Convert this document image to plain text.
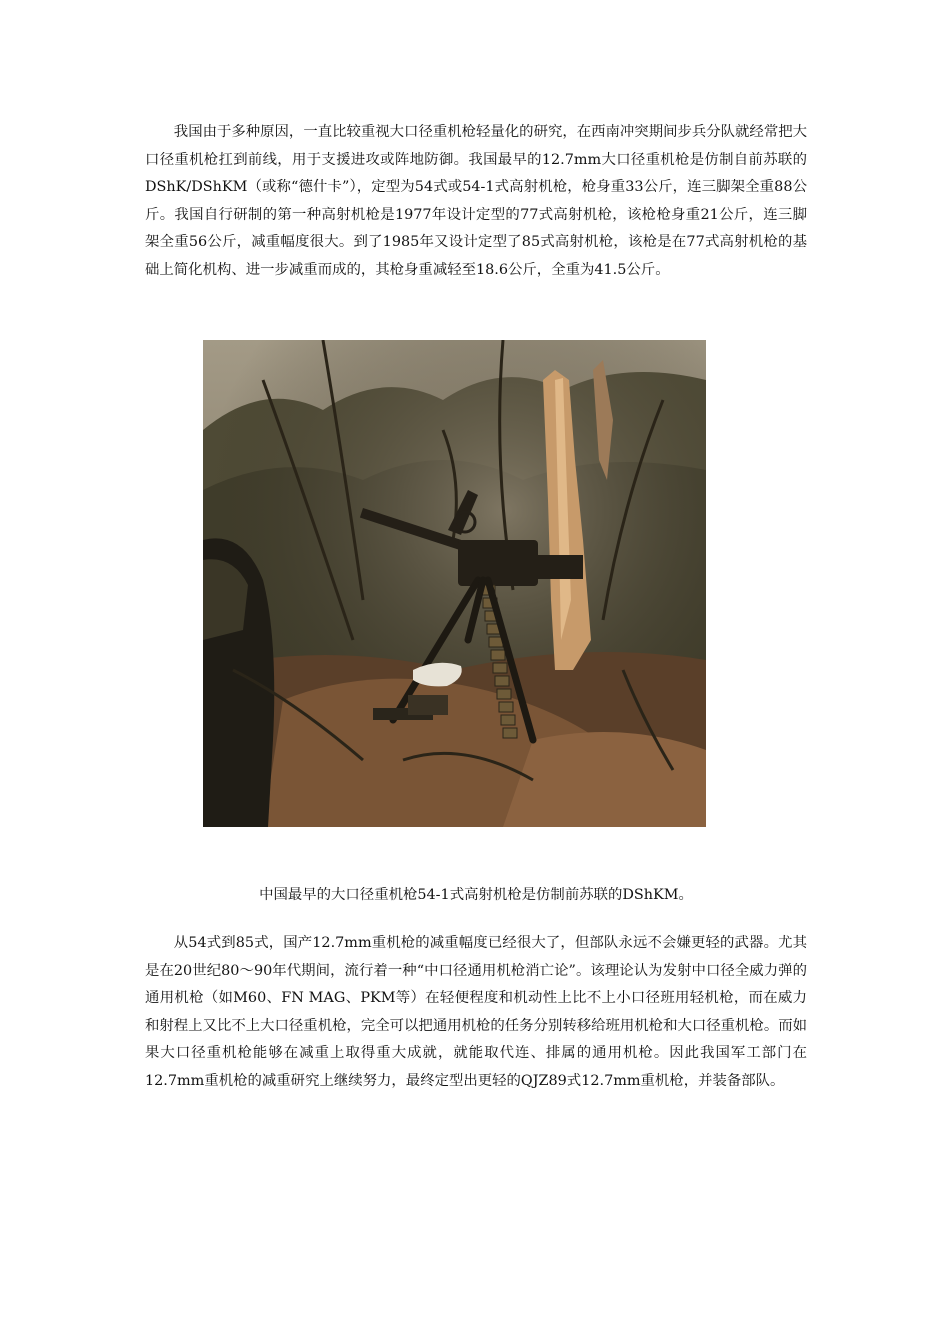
我国由于多种原因，一直比较重视大口径重机枪轻量化的研究，在西南冲突期间步兵分队就经常把大口径重机枪扛到前线，用于支援进攻或阵地防御。我国最早的12.7mm大口径重机枪是仿制自前苏联的DShK/DShKM（或称“德什卡”），定型为54式或54-1式高射机枪，枪身重33公斤，连三脚架全重88公斤。我国自行研制的第一种高射机枪是1977年设计定型的77式高射机枪，该枪枪身重21公斤，连三脚架全重56公斤，减重幅度很大。到了1985年又设计定型了85式高射机枪，该枪是在77式高射机枪的基础上简化机构、进一步减重而成的，其枪身重减轻至18.6公斤，全重为41.5公斤。

中国最早的大口径重机枪54-1式高射机枪是仿制前苏联的DShKM。

从54式到85式，国产12.7mm重机枪的减重幅度已经很大了，但部队永远不会嫌更轻的武器。尤其是在20世纪80～90年代期间，流行着一种“中口径通用机枪消亡论”。该理论认为发射中口径全威力弹的通用机枪（如M60、FN MAG、PKM等）在轻便程度和机动性上比不上小口径班用轻机枪，而在威力和射程上又比不上大口径重机枪，完全可以把通用机枪的任务分别转移给班用机枪和大口径重机枪。而如果大口径重机枪能够在减重上取得重大成就，就能取代连、排属的通用机枪。因此我国军工部门在12.7mm重机枪的减重研究上继续努力，最终定型出更轻的QJZ89式12.7mm重机枪，并装备部队。
